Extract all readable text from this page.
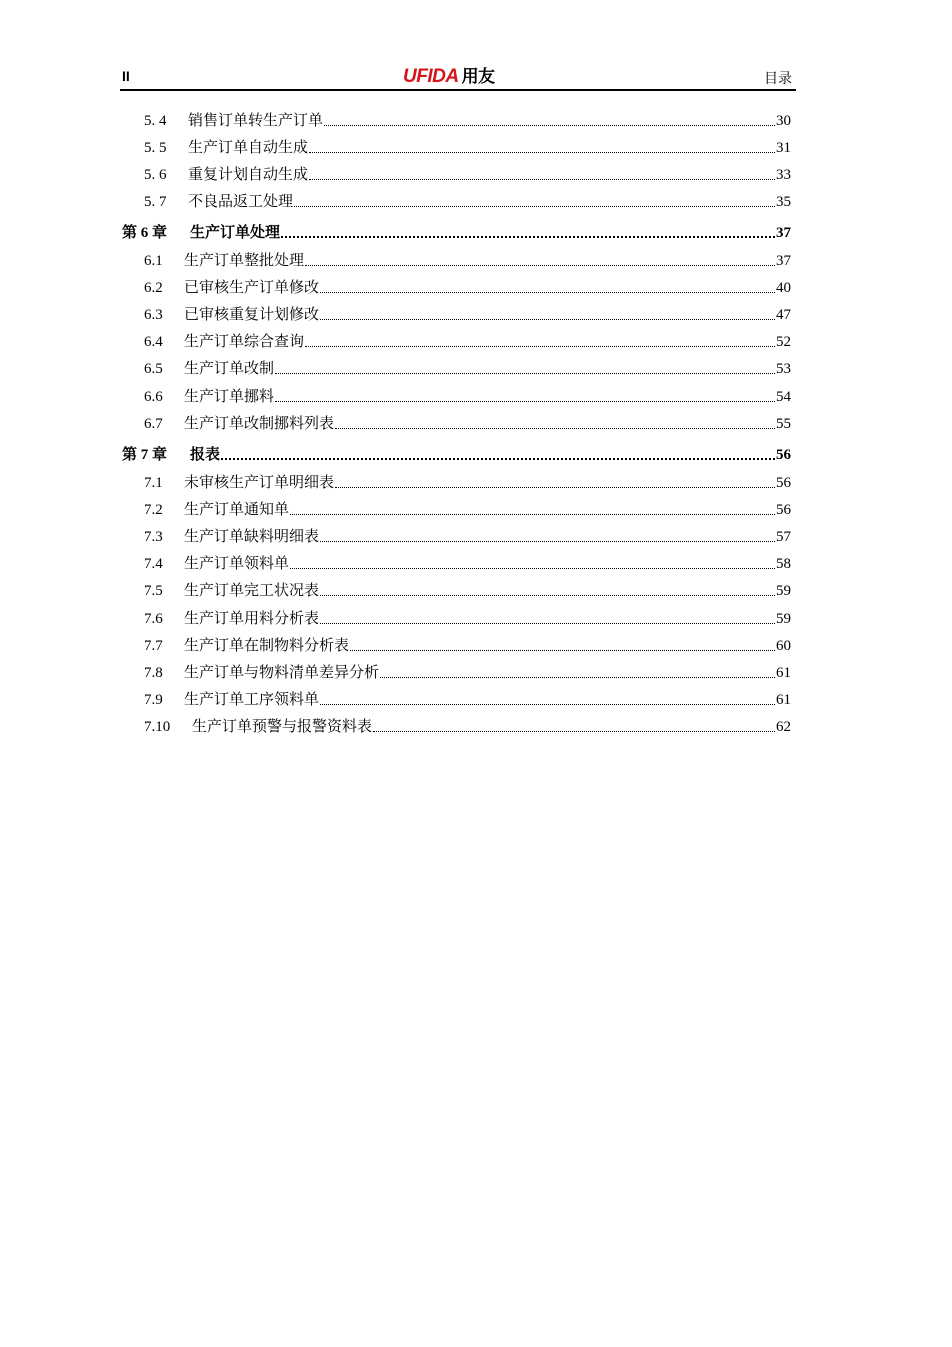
II	UFIDA 用友	目录
5. 4	销售订单转生产订单	30
5. 5	生产订单自动生成	31
5. 6	重复计划自动生成	33
5. 7	不良品返工处理	35
第 6 章	生产订单处理	37
6.1	生产订单整批处理	37
6.2	已审核生产订单修改	40
6.3	已审核重复计划修改	47
6.4	生产订单综合查询	52
6.5	生产订单改制	53
6.6	生产订单挪料	54
6.7	生产订单改制挪料列表	55
第 7 章	报表	56
7.1	未审核生产订单明细表	56
7.2	生产订单通知单	56
7.3	生产订单缺料明细表	57
7.4	生产订单领料单	58
7.5	生产订单完工状况表	59
7.6	生产订单用料分析表	59
7.7	生产订单在制物料分析表	60
7.8	生产订单与物料清单差异分析	61
7.9	生产订单工序领料单	61
7.10	生产订单预警与报警资料表	62
